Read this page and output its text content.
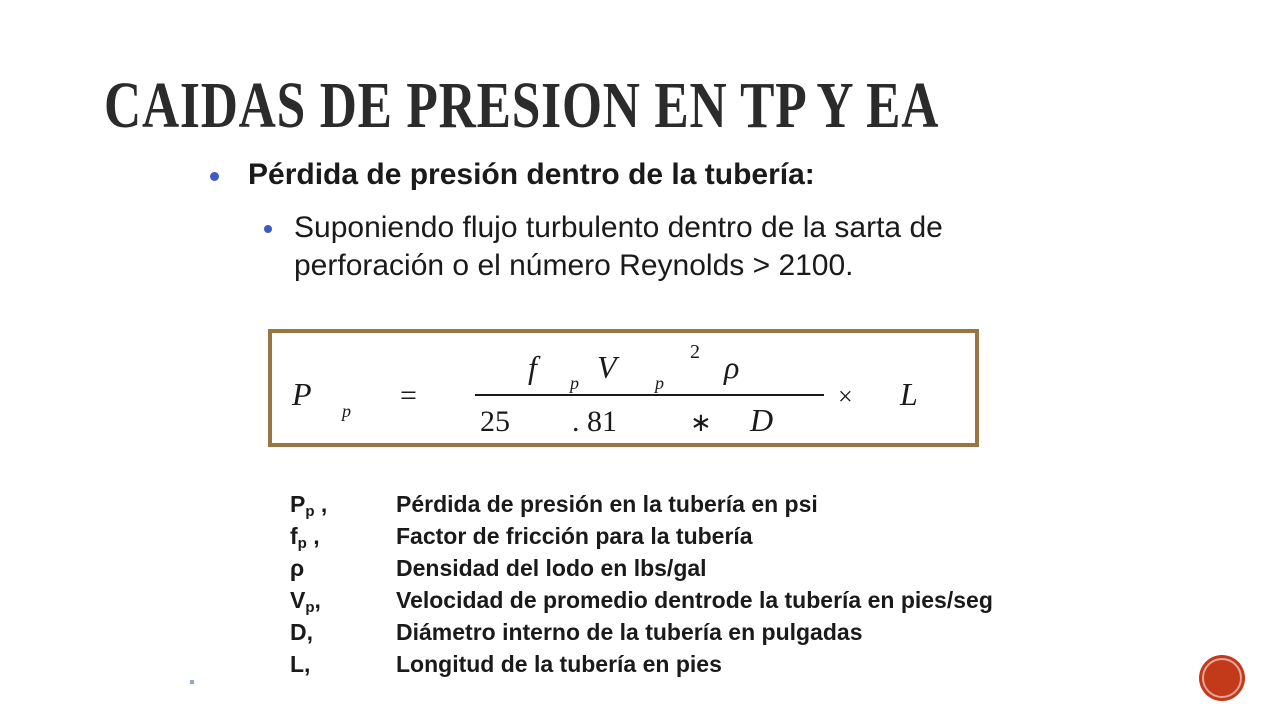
CAIDAS DE PRESION EN TP Y EA
Pérdida de presión dentro de la tubería:
Suponiendo flujo turbulento dentro de la sarta de
perforación o el número Reynolds > 2100.
P p =
f p V p
2 ρ
25 . 81	∗ D
× L
$P_p$ ,	Pérdida de presión en la tubería en psi
$f_p$ ,	Factor de fricción para la tubería
ρ	Densidad del lodo en lbs/gal
$V_p$,	Velocidad de promedio dentrode la tubería en pies/seg
D,	Diámetro interno de la tubería en pulgadas
L,	Longitud de la tubería en pies
